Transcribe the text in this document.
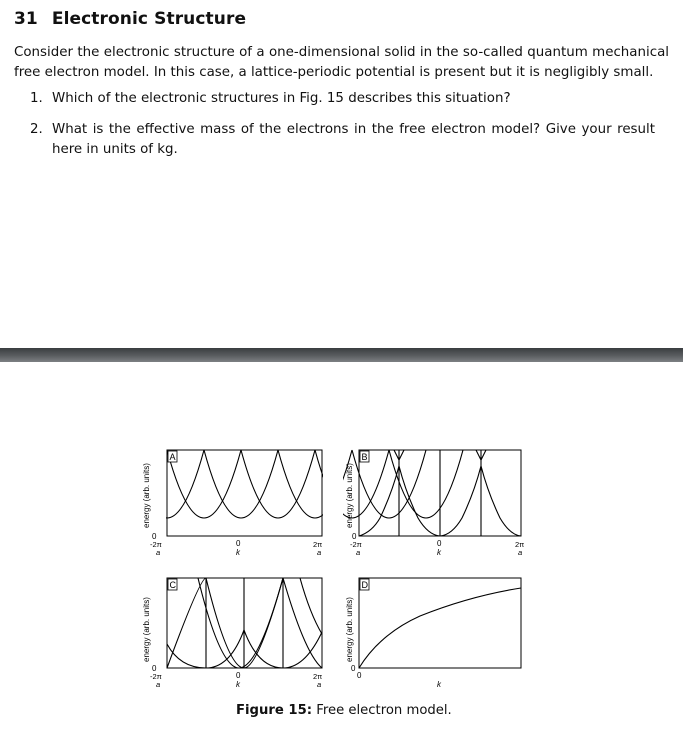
31 Electronic Structure
Consider the electronic structure of a one-dimensional solid in the so-called quantum mechanical free electron model. In this case, a lattice-periodic potential is present but it is negligibly small.
1. Which of the electronic structures in Fig. 15 describes this situation?
2. What is the effective mass of the electrons in the free electron model? Give your result here in units of kg.
A
energy (arb. units)
0
-2π
a
0
k
2π
a
B
energy (arb. units)
0
-2π
a
0
k
2π
a
C
energy (arb. units)
0
-2π
a
0
k
2π
a
D
energy (arb. units)
0
0
k
Figure 15: Free electron model.
